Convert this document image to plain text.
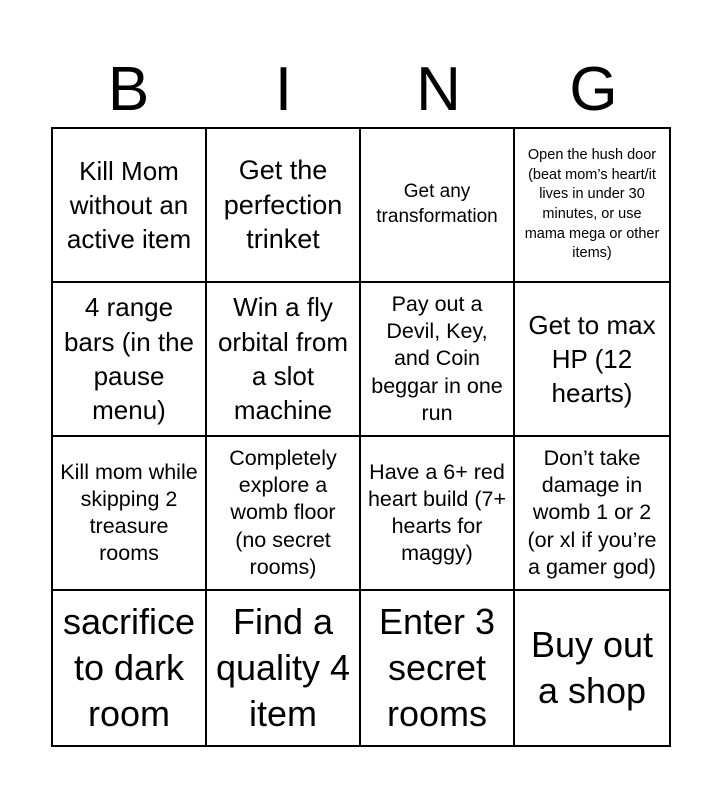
B	I	N	G
Kill Mom without an active item
Get the perfection trinket
Get any transformation
Open the hush door (beat mom’s heart/it lives in under 30 minutes, or use mama mega or other items)
4 range bars (in the pause menu)
Win a fly orbital from a slot machine
Pay out a Devil, Key, and Coin beggar in one run
Get to max HP (12 hearts)
Kill mom while skipping 2 treasure rooms
Completely explore a womb floor (no secret rooms)
Have a 6+ red heart build (7+ hearts for maggy)
Don’t take damage in womb 1 or 2 (or xl if you’re a gamer god)
sacrifice to dark room
Find a quality 4 item
Enter 3 secret rooms
Buy out a shop
